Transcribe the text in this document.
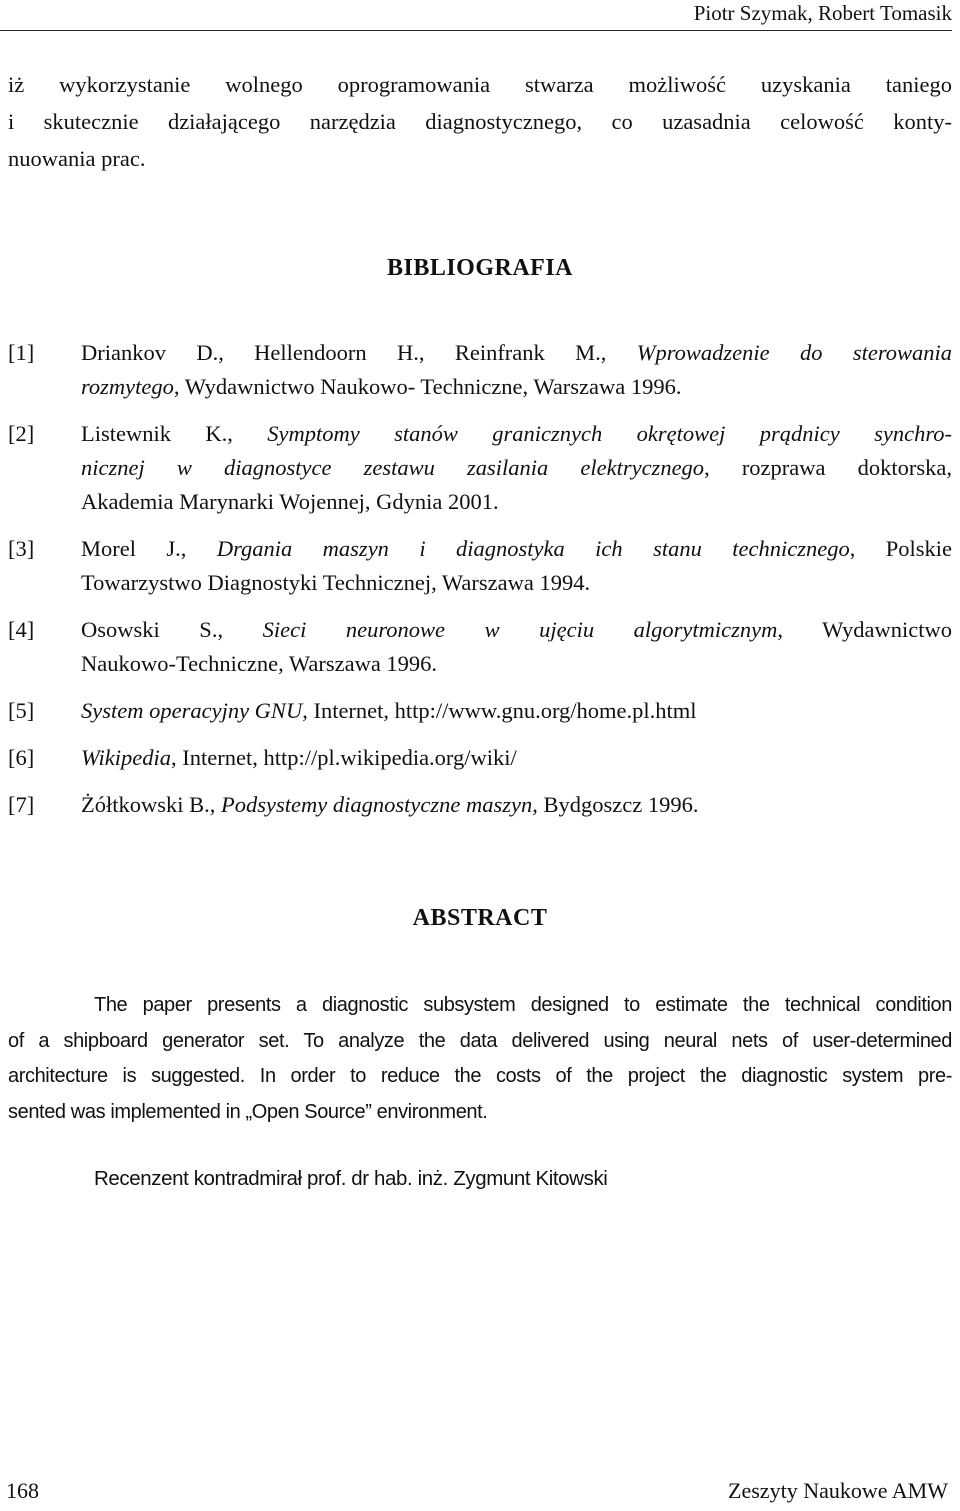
Piotr Szymak, Robert Tomasik
iż wykorzystanie wolnego oprogramowania stwarza możliwość uzyskania taniego
i skutecznie działającego narzędzia diagnostycznego, co uzasadnia celowość konty-
nuowania prac.
BIBLIOGRAFIA
[1] Driankov D., Hellendoorn H., Reinfrank M., Wprowadzenie do sterowania
rozmytego, Wydawnictwo Naukowo- Techniczne, Warszawa 1996.
[2] Listewnik K., Symptomy stanów granicznych okrętowej prądnicy synchro-
nicznej w diagnostyce zestawu zasilania elektrycznego, rozprawa doktorska,
Akademia Marynarki Wojennej, Gdynia 2001.
[3] Morel J., Drgania maszyn i diagnostyka ich stanu technicznego, Polskie
Towarzystwo Diagnostyki Technicznej, Warszawa 1994.
[4] Osowski S., Sieci neuronowe w ujęciu algorytmicznym, Wydawnictwo
Naukowo-Techniczne, Warszawa 1996.
[5] System operacyjny GNU, Internet, http://www.gnu.org/home.pl.html
[6] Wikipedia, Internet, http://pl.wikipedia.org/wiki/
[7] Żółtkowski B., Podsystemy diagnostyczne maszyn, Bydgoszcz 1996.
ABSTRACT
The paper presents a diagnostic subsystem designed to estimate the technical condition
of a shipboard generator set. To analyze the data delivered using neural nets of user-determined
architecture is suggested. In order to reduce the costs of the project the diagnostic system pre-
sented was implemented in „Open Source” environment.
Recenzent kontradmirał prof. dr hab. inż. Zygmunt Kitowski
168	Zeszyty Naukowe AMW
